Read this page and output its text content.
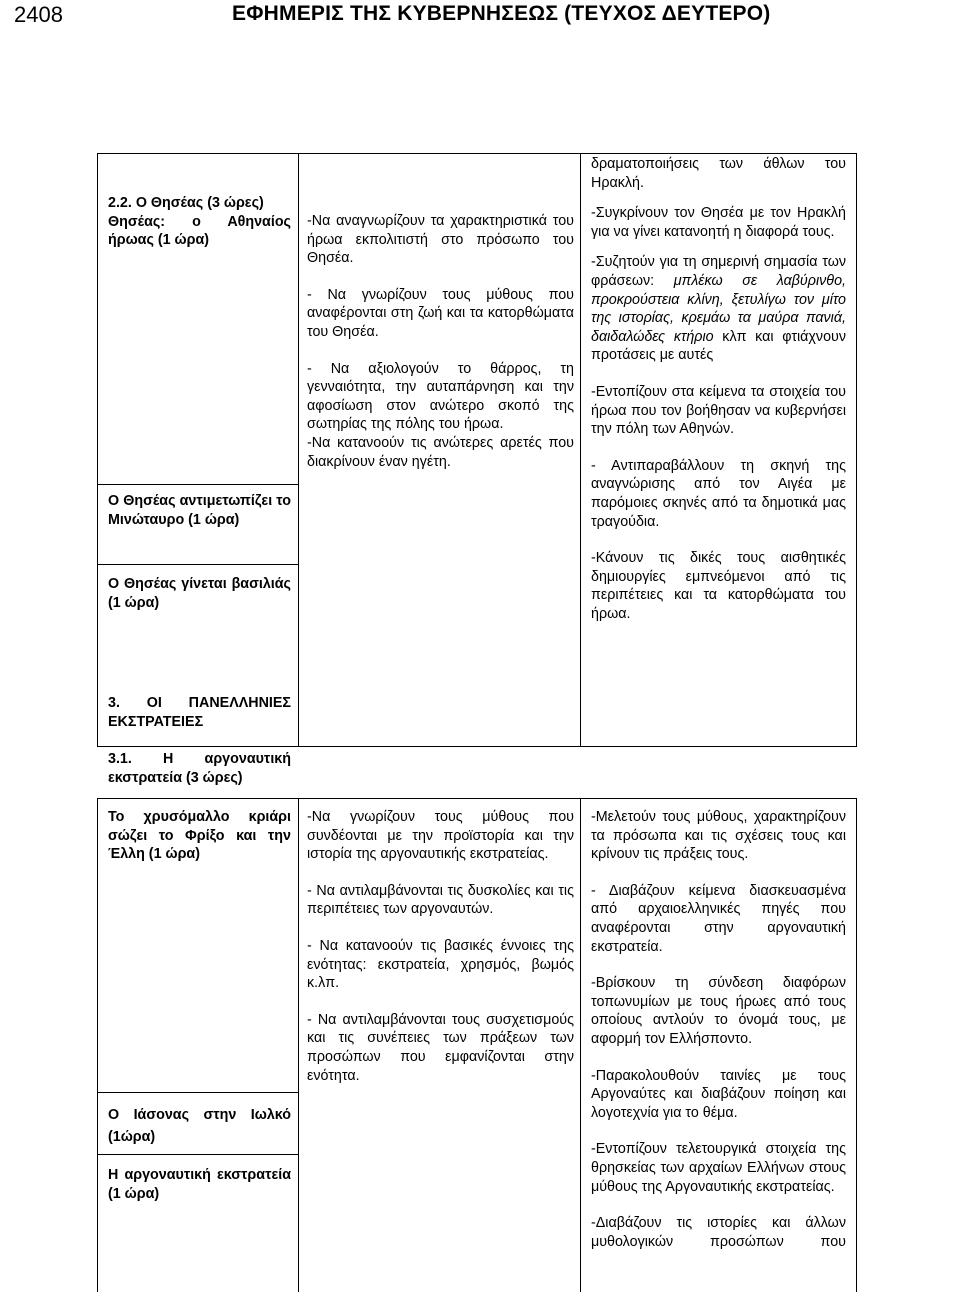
2408	ΕΦΗΜΕΡΙΣ ΤΗΣ ΚΥΒΕΡΝΗΣΕΩΣ (ΤΕΥΧΟΣ ΔΕΥΤΕΡΟ)

2.2. Ο Θησέας (3 ώρες)

Θησέας: ο Αθηναίος ήρωας (1 ώρα)

Ο Θησέας αντιμετωπίζει το Μινώταυρο (1 ώρα)

Ο Θησέας γίνεται βασιλιάς (1 ώρα)

3. ΟΙ ΠΑΝΕΛΛΗΝΙΕΣ ΕΚΣΤΡΑΤΕΙΕΣ

-Να αναγνωρίζουν τα χαρακτηριστικά του ήρωα εκπολιτιστή στο πρόσωπο του Θησέα.

- Να γνωρίζουν τους μύθους που αναφέρονται στη ζωή και τα κατορθώματα του Θησέα.

- Να αξιολογούν το θάρρος, τη γενναιότητα, την αυταπάρνηση και την αφοσίωση στον ανώτερο σκοπό της σωτηρίας της πόλης του ήρωα.

-Να κατανοούν τις ανώτερες αρετές που διακρίνουν έναν ηγέτη.

δραματοποιήσεις των άθλων του Ηρακλή.

-Συγκρίνουν τον Θησέα με τον Ηρακλή για να γίνει κατανοητή η διαφορά τους.

-Συζητούν για τη σημερινή σημασία των φράσεων: μπλέκω σε λαβύρινθο, προκρούστεια κλίνη, ξετυλίγω τον μίτο της ιστορίας, κρεμάω τα μαύρα πανιά, δαιδαλώδες κτήριο κλπ και φτιάχνουν προτάσεις με αυτές

-Εντοπίζουν στα κείμενα τα στοιχεία του ήρωα που τον βοήθησαν να κυβερνήσει την πόλη των Αθηνών.

- Αντιπαραβάλλουν τη σκηνή της αναγνώρισης από τον Αιγέα με παρόμοιες σκηνές από τα δημοτικά μας τραγούδια.

-Κάνουν τις δικές τους αισθητικές δημιουργίες εμπνεόμενοι από τις περιπέτειες και τα κατορθώματα του ήρωα.

3.1. Η αργοναυτική εκστρατεία (3 ώρες)

Το χρυσόμαλλο κριάρι σώζει το Φρίξο και την Έλλη (1 ώρα)

Ο Ιάσονας στην Ιωλκό (1ώρα)

Η αργοναυτική εκστρατεία (1 ώρα)

-Να γνωρίζουν τους μύθους που συνδέονται με την προϊστορία και την ιστορία της αργοναυτικής εκστρατείας.

- Να αντιλαμβάνονται τις δυσκολίες και τις περιπέτειες των αργοναυτών.

- Να κατανοούν τις βασικές έννοιες της ενότητας: εκστρατεία, χρησμός, βωμός κ.λπ.

- Να αντιλαμβάνονται τους συσχετισμούς και τις συνέπειες των πράξεων των προσώπων που εμφανίζονται στην ενότητα.

-Μελετούν τους μύθους, χαρακτηρίζουν τα πρόσωπα και τις σχέσεις τους και κρίνουν τις πράξεις τους.

- Διαβάζουν κείμενα διασκευασμένα από αρχαιοελληνικές πηγές που αναφέρονται στην αργοναυτική εκστρατεία.

-Βρίσκουν τη σύνδεση διαφόρων τοπωνυμίων με τους ήρωες από τους οποίους αντλούν το όνομά τους, με αφορμή τον Ελλήσποντο.

-Παρακολουθούν ταινίες με τους Αργοναύτες και διαβάζουν ποίηση και λογοτεχνία για το θέμα.

-Εντοπίζουν τελετουργικά στοιχεία της θρησκείας των αρχαίων Ελλήνων στους μύθους της Αργοναυτικής εκστρατείας.

-Διαβάζουν τις ιστορίες και άλλων μυθολογικών προσώπων που
